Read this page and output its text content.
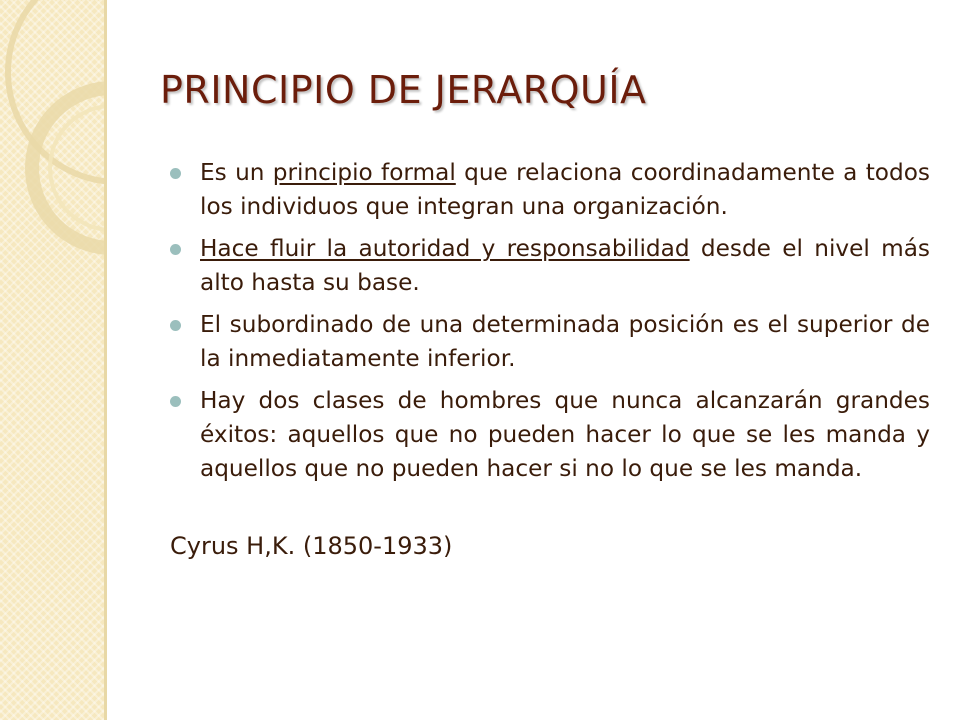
PRINCIPIO DE JERARQUÍA
Es un principio formal que relaciona coordinadamente a todos los individuos que integran una organización.
Hace fluir la autoridad y responsabilidad desde el nivel más alto hasta su base.
El subordinado de una determinada posición es el superior de la inmediatamente inferior.
Hay dos clases de hombres que nunca alcanzarán grandes éxitos: aquellos que no pueden hacer lo que se les manda y aquellos que no pueden hacer si no lo que se les manda.

Cyrus H,K. (1850-1933)
